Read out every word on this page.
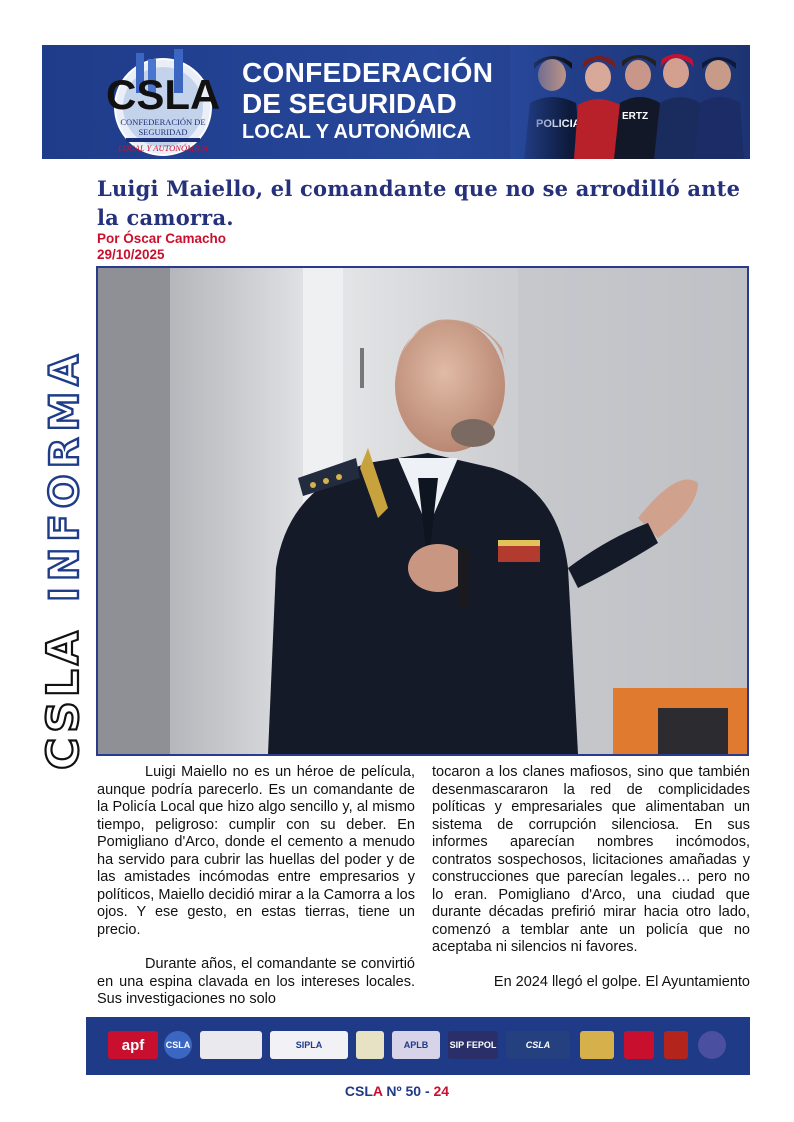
CSLA
CONFEDERACIÓN DE
SEGURIDAD
LOCAL Y AUTONÓMICA
CONFEDERACIÓN
DE SEGURIDAD
LOCAL Y AUTONÓMICA
CSLA
INFORMA
Luigi Maiello, el comandante que no se arrodilló ante la camorra.
Por Óscar Camacho
29/10/2025

Luigi Maiello no es un héroe de película, aunque podría parecerlo. Es un comandante de la Policía Local que hizo algo sencillo y, al mismo tiempo, peligroso: cumplir con su deber. En Pomigliano d'Arco, donde el cemento a menudo ha servido para cubrir las huellas del poder y de las amistades incómodas entre empresarios y políticos, Maiello decidió mirar a la Camorra a los ojos. Y ese gesto, en estas tierras, tiene un precio.

Durante años, el comandante se convirtió en una espina clavada en los intereses locales. Sus investigaciones no solo

tocaron a los clanes mafiosos, sino que también desenmascararon la red de complicidades políticas y empresariales que alimentaban un sistema de corrupción silenciosa. En sus informes aparecían nombres incómodos, contratos sospechosos, licitaciones amañadas y construcciones que parecían legales… pero no lo eran. Pomigliano d'Arco, una ciudad que durante décadas prefirió mirar hacia otro lado, comenzó a temblar ante un policía que no aceptaba ni silencios ni favores.

En 2024 llegó el golpe. El Ayuntamiento

apf	CSLA	SIPLA	APLB	SIP FEPOL	CSLA
CSLA Nº 50 - 24
